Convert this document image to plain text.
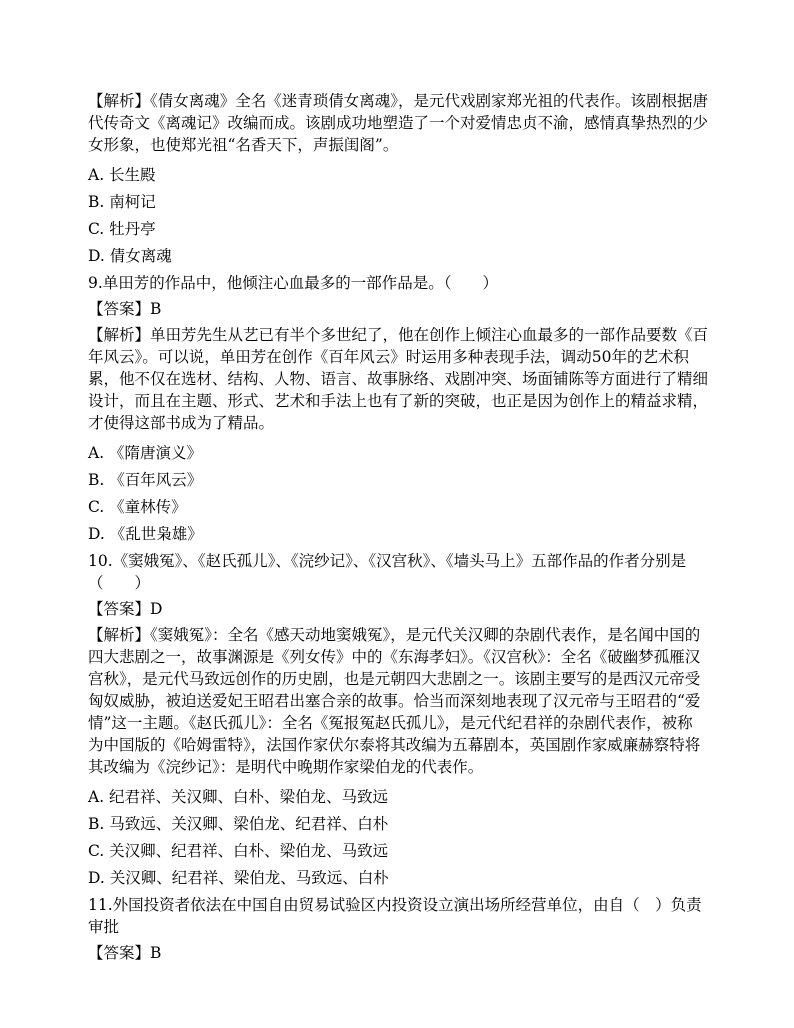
【解析】《倩女离魂》全名《迷青琐倩女离魂》，是元代戏剧家郑光祖的代表作。该剧根据唐代传奇文《离魂记》改编而成。该剧成功地塑造了一个对爱情忠贞不渝，感情真挚热烈的少女形象，也使郑光祖“名香天下，声振闺阁”。

A. 长生殿

B. 南柯记

C. 牡丹亭

D. 倩女离魂

9.单田芳的作品中，他倾注心血最多的一部作品是。（　　）

【答案】B

【解析】单田芳先生从艺已有半个多世纪了，他在创作上倾注心血最多的一部作品要数《百年风云》。可以说，单田芳在创作《百年风云》时运用多种表现手法，调动50年的艺术积累，他不仅在选材、结构、人物、语言、故事脉络、戏剧冲突、场面铺陈等方面进行了精细设计，而且在主题、形式、艺术和手法上也有了新的突破，也正是因为创作上的精益求精，才使得这部书成为了精品。

A. 《隋唐演义》

B. 《百年风云》

C. 《童林传》

D. 《乱世枭雄》

10.《窦娥冤》、《赵氏孤儿》、《浣纱记》、《汉宫秋》、《墙头马上》五部作品的作者分别是（　　）

【答案】D

【解析】《窦娥冤》：全名《感天动地窦娥冤》，是元代关汉卿的杂剧代表作，是名闻中国的四大悲剧之一，故事渊源是《列女传》中的《东海孝妇》。《汉宫秋》：全名《破幽梦孤雁汉宫秋》，是元代马致远创作的历史剧，也是元朝四大悲剧之一。该剧主要写的是西汉元帝受匈奴威胁，被迫送爱妃王昭君出塞合亲的故事。恰当而深刻地表现了汉元帝与王昭君的“爱情”这一主题。《赵氏孤儿》：全名《冤报冤赵氏孤儿》，是元代纪君祥的杂剧代表作，被称为中国版的《哈姆雷特》，法国作家伏尔泰将其改编为五幕剧本，英国剧作家威廉赫察特将其改编为《浣纱记》：是明代中晚期作家梁伯龙的代表作。

A. 纪君祥、关汉卿、白朴、梁伯龙、马致远

B. 马致远、关汉卿、梁伯龙、纪君祥、白朴

C. 关汉卿、纪君祥、白朴、梁伯龙、马致远

D. 关汉卿、纪君祥、梁伯龙、马致远、白朴

11.外国投资者依法在中国自由贸易试验区内投资设立演出场所经营单位，由自（　）负责审批

【答案】B
